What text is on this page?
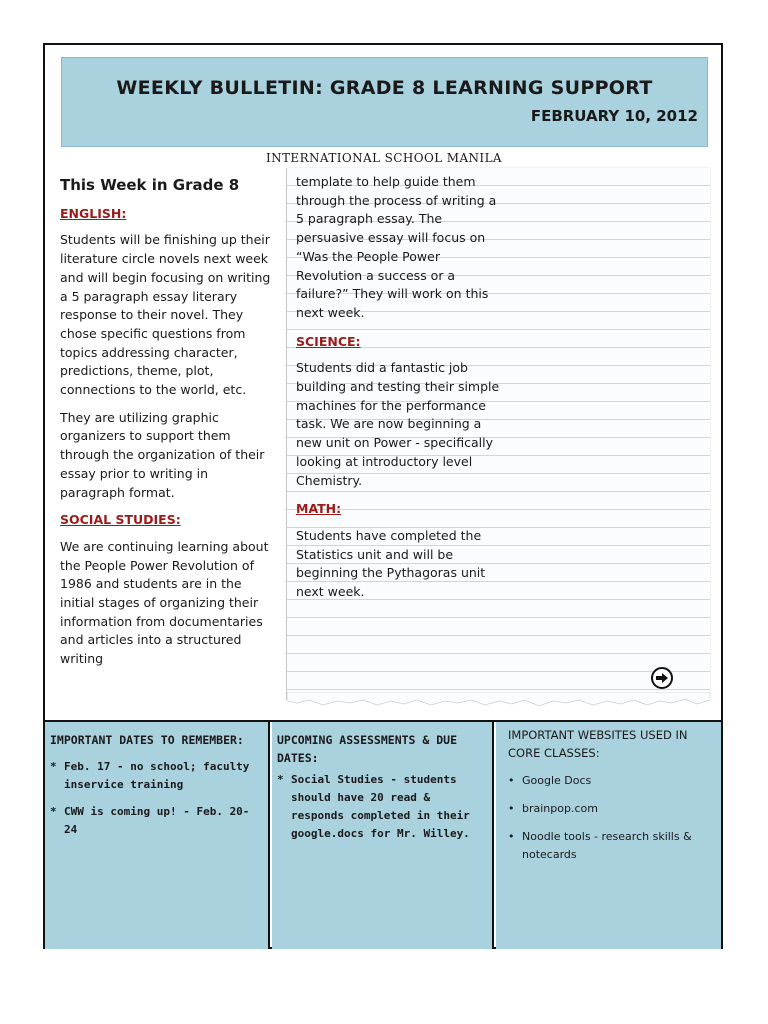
WEEKLY BULLETIN: GRADE 8 LEARNING SUPPORT
FEBRUARY 10, 2012
INTERNATIONAL SCHOOL MANILA
This Week in Grade 8
ENGLISH:

Students will be finishing up their literature circle novels next week and will begin focusing on writing a 5 paragraph essay literary response to their novel. They chose specific questions from topics addressing character, predictions, theme, plot, connections to the world, etc.

They are utilizing graphic organizers to support them through the organization of their essay prior to writing in paragraph format.

SOCIAL STUDIES:

We are continuing learning about the People Power Revolution of 1986 and students are in the initial stages of organizing their information from documentaries and articles into a structured writing

template to help guide them through the process of writing a 5 paragraph essay. The persuasive essay will focus on “Was the People Power Revolution a success or a failure?” They will work on this next week.

SCIENCE:

Students did a fantastic job building and testing their simple machines for the performance task. We are now beginning a new unit on Power - specifically looking at introductory level Chemistry.

MATH:

Students have completed the Statistics unit and will be beginning the Pythagoras unit next week.

IMPORTANT DATES TO REMEMBER:
* Feb. 17 - no school; faculty inservice training
* CWW is coming up! - Feb. 20-24
UPCOMING ASSESSMENTS & DUE DATES:
* Social Studies - students should have 20 read & responds completed in their google.docs for Mr. Willey.
IMPORTANT WEBSITES USED IN CORE CLASSES:
• Google Docs
• brainpop.com
• Noodle tools - research skills & notecards
